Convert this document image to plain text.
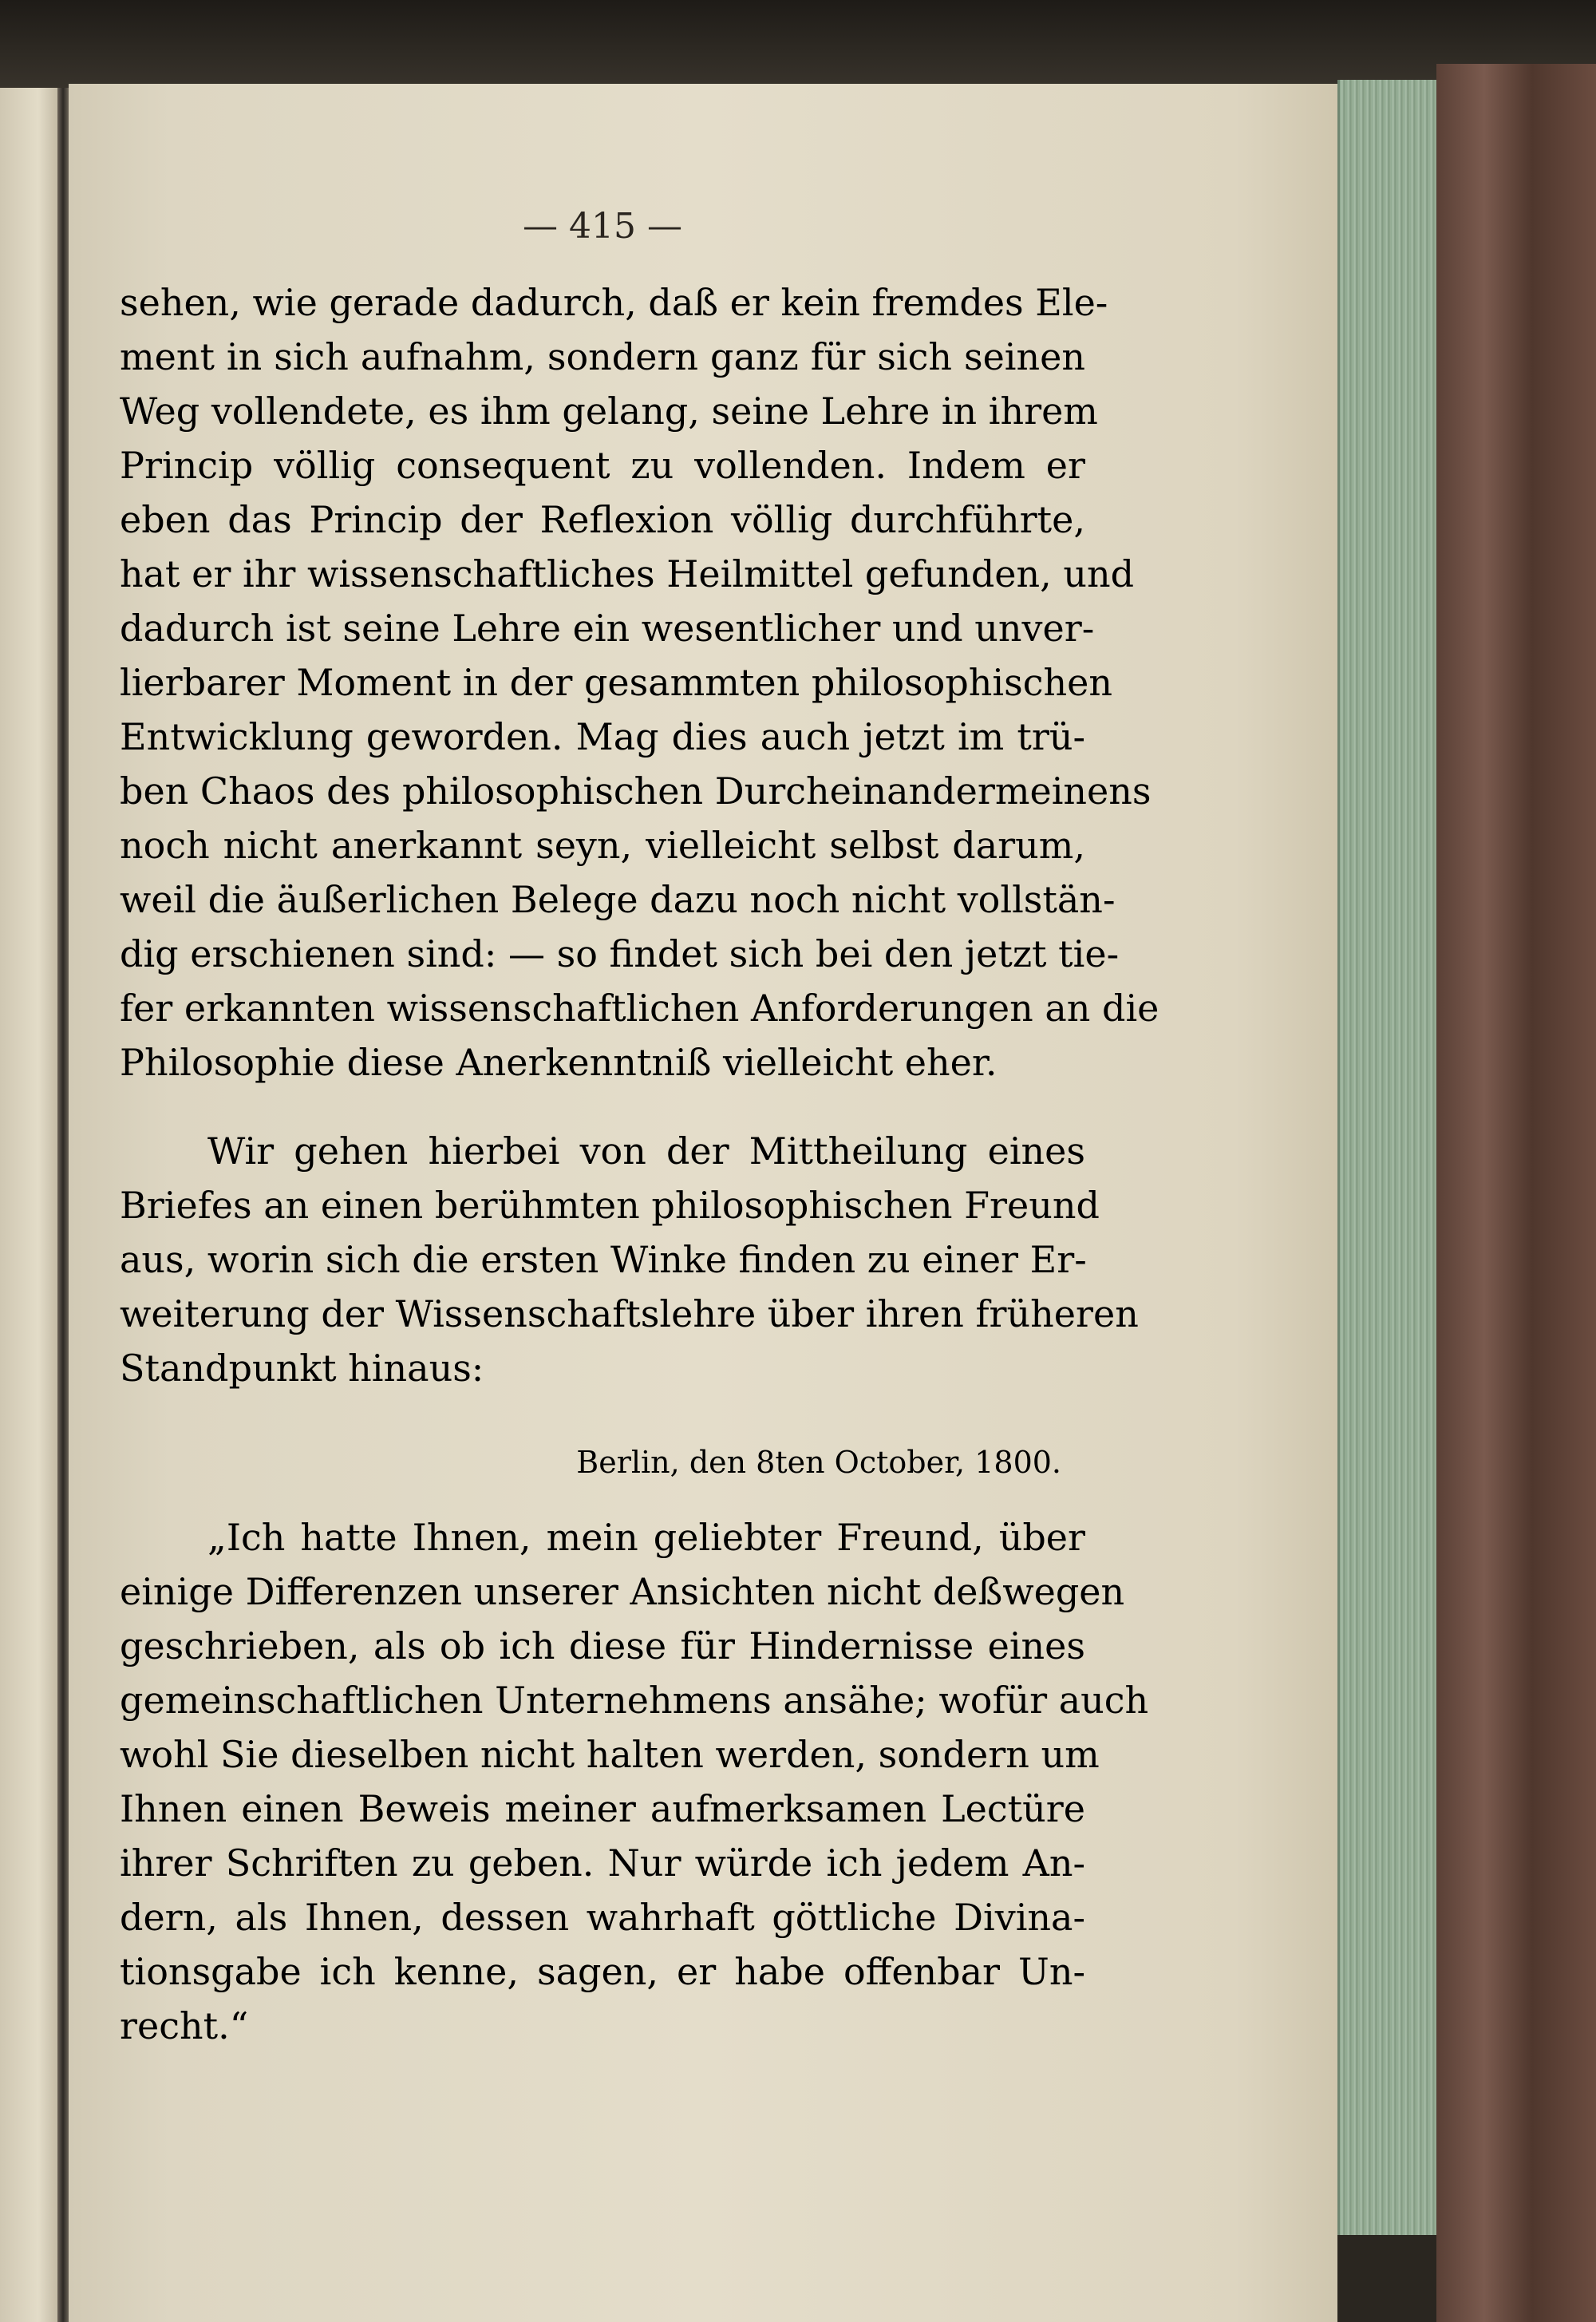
— 415 —

sehen, wie gerade dadurch, daß er kein fremdes Ele-

ment in sich aufnahm, sondern ganz für sich seinen

Weg vollendete, es ihm gelang, seine Lehre in ihrem

Princip völlig consequent zu vollenden. Indem er

eben das Princip der Reflexion völlig durchführte,

hat er ihr wissenschaftliches Heilmittel gefunden, und

dadurch ist seine Lehre ein wesentlicher und unver-

lierbarer Moment in der gesammten philosophischen

Entwicklung geworden. Mag dies auch jetzt im trü-

ben Chaos des philosophischen Durcheinandermeinens

noch nicht anerkannt seyn, vielleicht selbst darum,

weil die äußerlichen Belege dazu noch nicht vollstän-

dig erschienen sind: — so findet sich bei den jetzt tie-

fer erkannten wissenschaftlichen Anforderungen an die

Philosophie diese Anerkenntniß vielleicht eher.

Wir gehen hierbei von der Mittheilung eines

Briefes an einen berühmten philosophischen Freund

aus, worin sich die ersten Winke finden zu einer Er-

weiterung der Wissenschaftslehre über ihren früheren

Standpunkt hinaus:

Berlin, den 8ten October, 1800.

„Ich hatte Ihnen, mein geliebter Freund, über

einige Differenzen unserer Ansichten nicht deßwegen

geschrieben, als ob ich diese für Hindernisse eines

gemeinschaftlichen Unternehmens ansähe; wofür auch

wohl Sie dieselben nicht halten werden, sondern um

Ihnen einen Beweis meiner aufmerksamen Lectüre

ihrer Schriften zu geben. Nur würde ich jedem An-

dern, als Ihnen, dessen wahrhaft göttliche Divina-

tionsgabe ich kenne, sagen, er habe offenbar Un-

recht.“
